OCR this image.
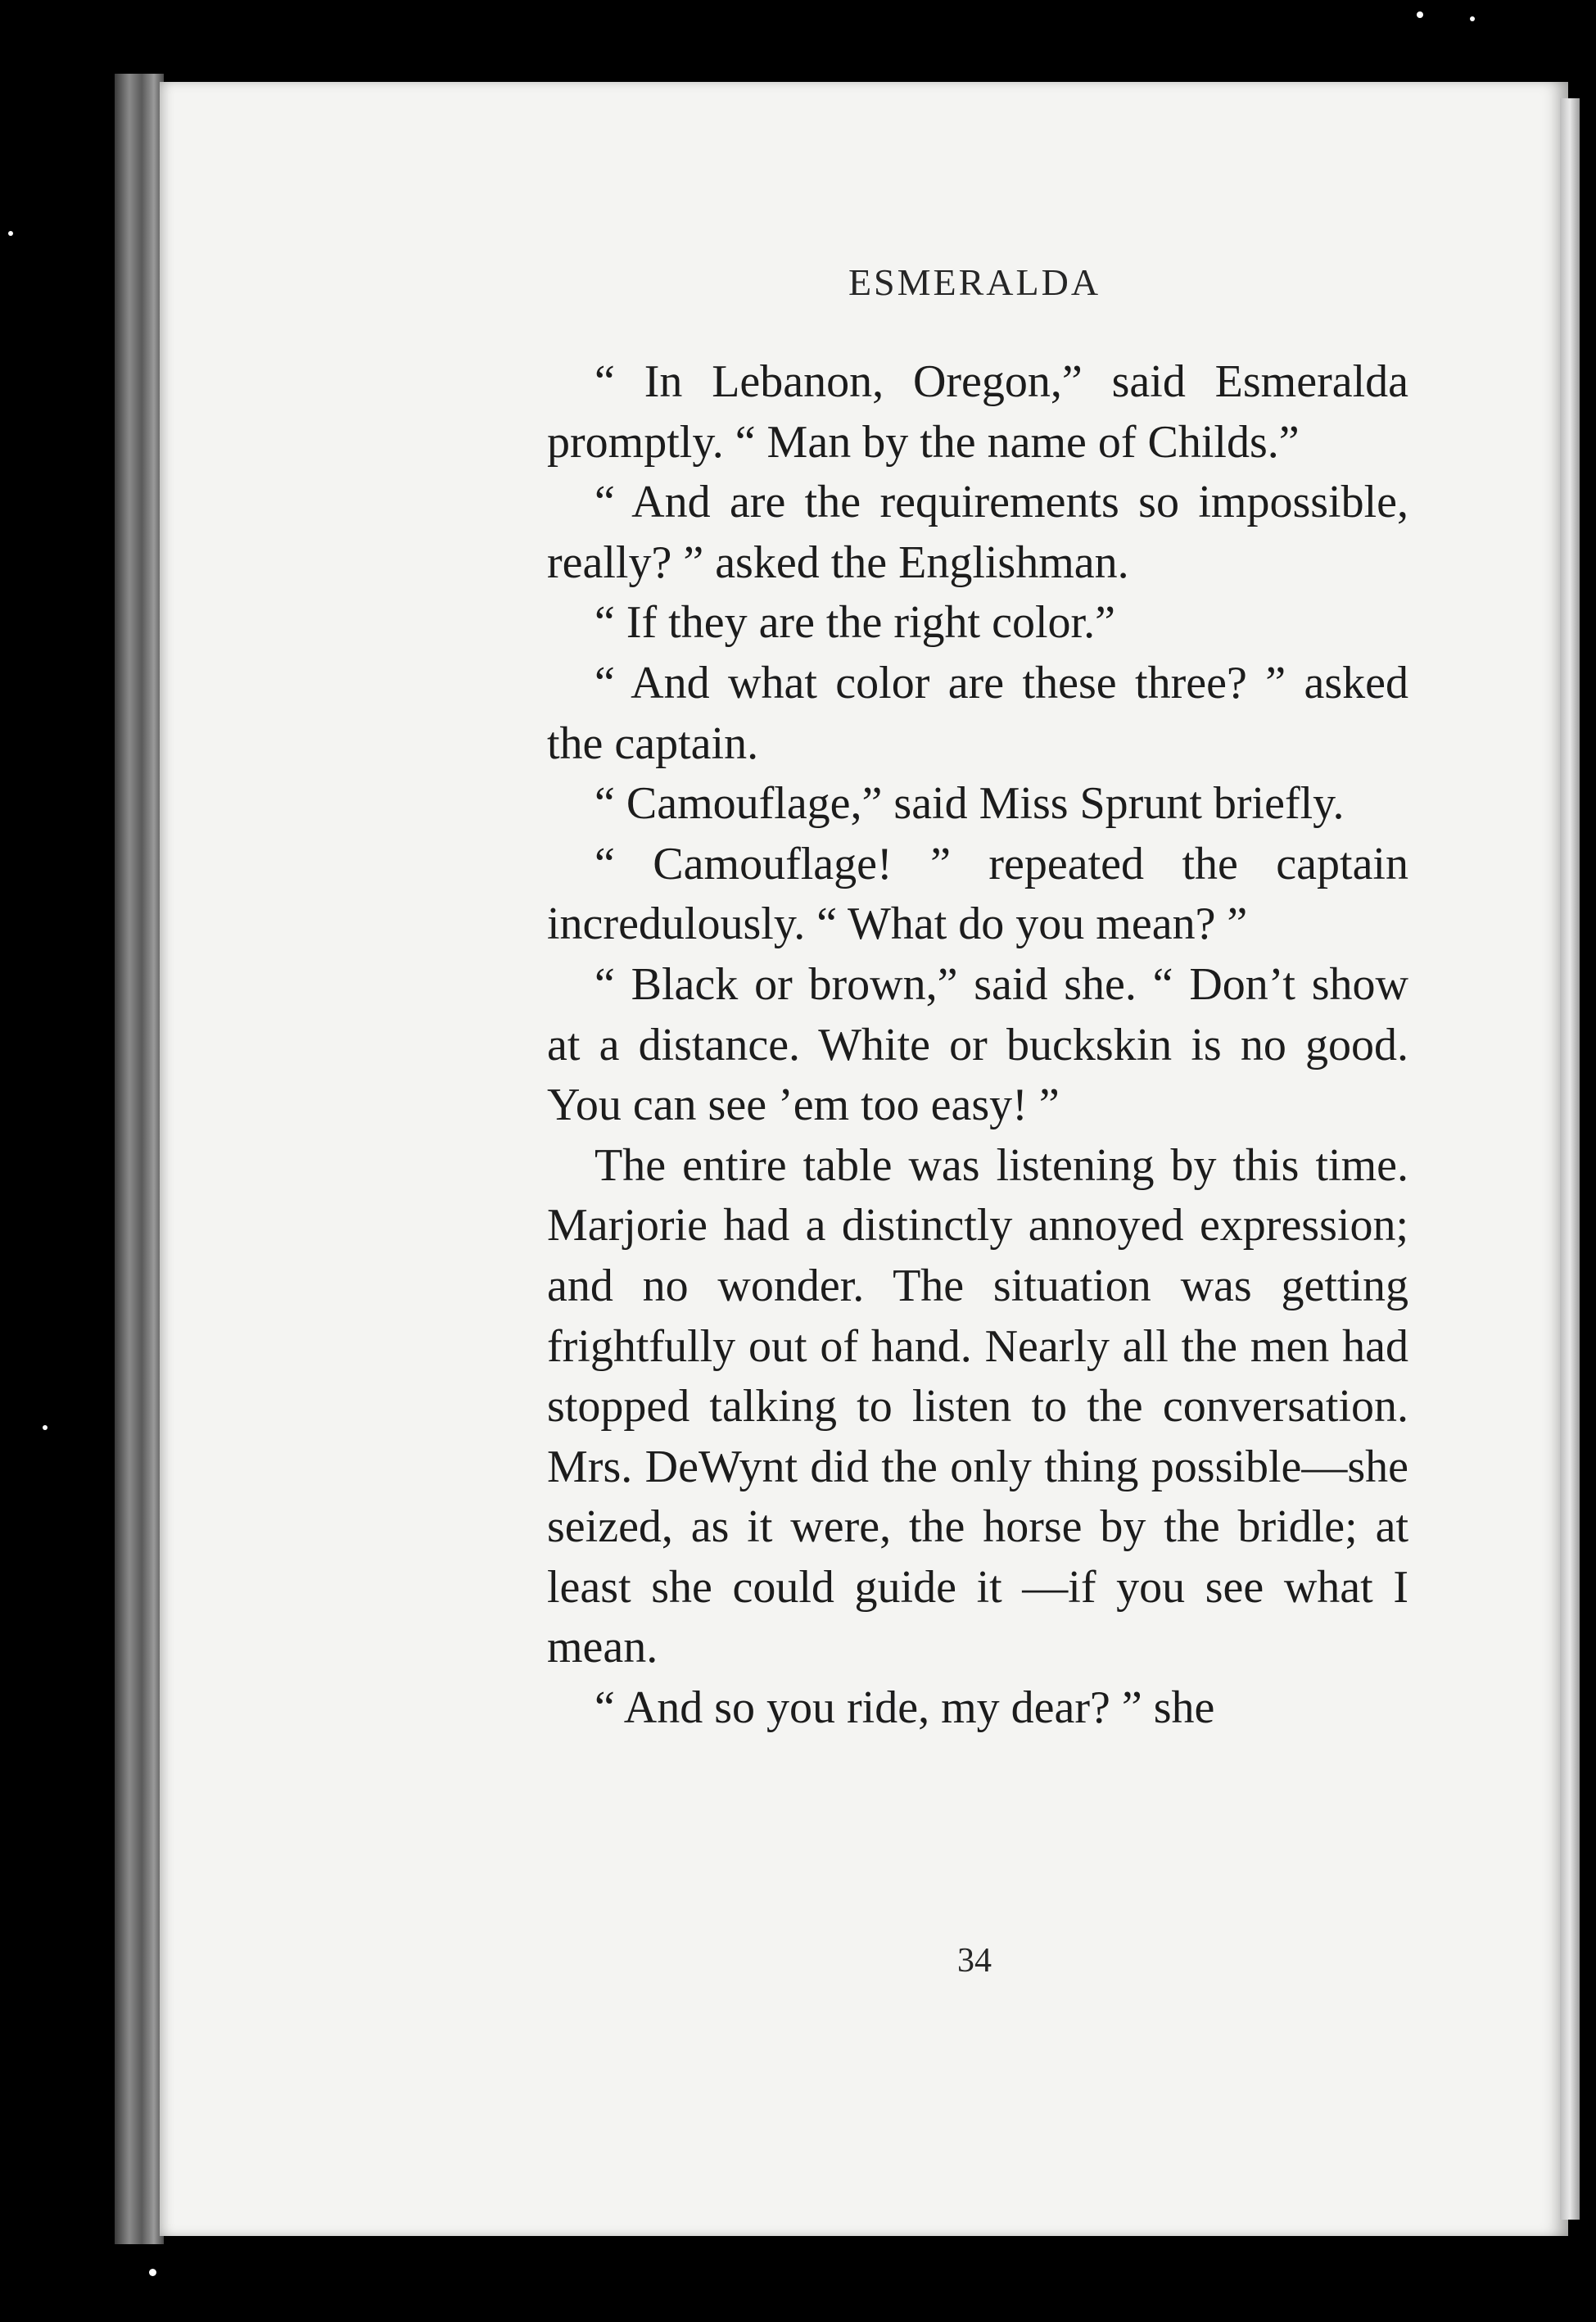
ESMERALDA

“ In Lebanon, Oregon,” said Esmeralda promptly. “ Man by the name of Childs.”

“ And are the requirements so impossible, really? ” asked the Englishman.

“ If they are the right color.”

“ And what color are these three? ” asked the captain.

“ Camouflage,” said Miss Sprunt briefly.

“ Camouflage! ” repeated the captain incredulously. “ What do you mean? ”

“ Black or brown,” said she. “ Don’t show at a distance. White or buckskin is no good. You can see ’em too easy! ”

The entire table was listening by this time. Marjorie had a distinctly annoyed expression; and no wonder. The situation was getting frightfully out of hand. Nearly all the men had stopped talking to listen to the conversation. Mrs. DeWynt did the only thing possible—she seized, as it were, the horse by the bridle; at least she could guide it —if you see what I mean.

“ And so you ride, my dear? ” she

34
